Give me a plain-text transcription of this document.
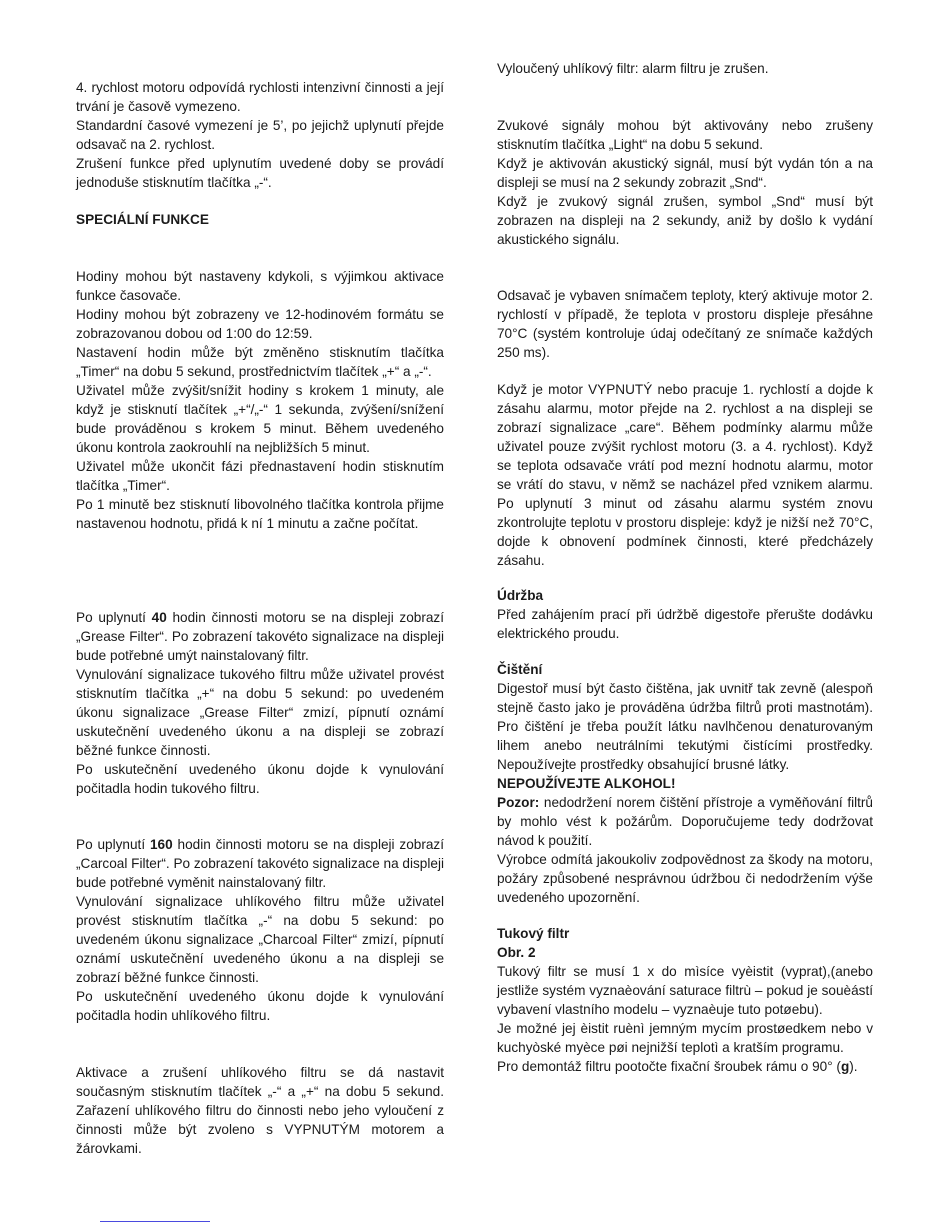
4. rychlost motoru odpovídá rychlosti intenzivní činnosti a její trvání je časově vymezeno.

Standardní časové vymezení je 5’, po jejichž uplynutí přejde odsavač na 2. rychlost.

Zrušení funkce před uplynutím uvedené doby se provádí jednoduše stisknutím tlačítka „-“.

SPECIÁLNÍ FUNKCE

Hodiny mohou být nastaveny kdykoli, s výjimkou aktivace funkce časovače.

Hodiny mohou být zobrazeny ve 12-hodinovém formátu se zobrazovanou dobou od 1:00 do 12:59.

Nastavení hodin může být změněno stisknutím tlačítka „Timer“ na dobu 5 sekund, prostřednictvím tlačítek „+“ a „-“.

Uživatel může zvýšit/snížit hodiny s krokem 1 minuty, ale když je stisknutí tlačítek „+“/„-“ 1 sekunda, zvýšení/snížení bude prováděnou s krokem 5 minut. Během uvedeného úkonu kontrola zaokrouhlí na nejbližších 5 minut.

Uživatel může ukončit fázi přednastavení hodin stisknutím tlačítka „Timer“.

Po 1 minutě bez stisknutí libovolného tlačítka kontrola přijme nastavenou hodnotu, přidá k ní 1 minutu a začne počítat.

Po uplynutí 40 hodin činnosti motoru se na displeji zobrazí „Grease Filter“. Po zobrazení takovéto signalizace na displeji bude potřebné umýt nainstalovaný filtr.

Vynulování signalizace tukového filtru může uživatel provést stisknutím tlačítka „+“ na dobu 5 sekund: po uvedeném úkonu signalizace „Grease Filter“ zmizí, pípnutí oznámí uskutečnění uvedeného úkonu a na displeji se zobrazí běžné funkce činnosti.

Po uskutečnění uvedeného úkonu dojde k vynulování počitadla hodin tukového filtru.

Po uplynutí 160 hodin činnosti motoru se na displeji zobrazí „Carcoal Filter“. Po zobrazení takovéto signalizace na displeji bude potřebné vyměnit nainstalovaný filtr.

Vynulování signalizace uhlíkového filtru může uživatel provést stisknutím tlačítka „-“ na dobu 5 sekund: po uvedeném úkonu signalizace „Charcoal Filter“ zmizí, pípnutí oznámí uskutečnění uvedeného úkonu a na displeji se zobrazí běžné funkce činnosti.

Po uskutečnění uvedeného úkonu dojde k vynulování počitadla hodin uhlíkového filtru.

Aktivace a zrušení uhlíkového filtru se dá nastavit současným stisknutím tlačítek „-“ a „+“ na dobu 5 sekund. Zařazení uhlíkového filtru do činnosti nebo jeho vyloučení z činnosti může být zvoleno s VYPNUTÝM motorem a žárovkami.

Vyloučený uhlíkový filtr: alarm filtru je zrušen.

Zvukové signály mohou být aktivovány nebo zrušeny stisknutím tlačítka „Light“ na dobu 5 sekund.

Když je aktivován akustický signál, musí být vydán tón a na displeji se musí na 2 sekundy zobrazit „Snd“.

Když je zvukový signál zrušen, symbol „Snd“ musí být zobrazen na displeji na 2 sekundy, aniž by došlo k vydání akustického signálu.

Odsavač je vybaven snímačem teploty, který aktivuje motor 2. rychlostí v případě, že teplota v prostoru displeje přesáhne 70°C (systém kontroluje údaj odečítaný ze snímače každých 250 ms).

Když je motor VYPNUTÝ nebo pracuje 1. rychlostí a dojde k zásahu alarmu, motor přejde na 2. rychlost a na displeji se zobrazí signalizace „care“. Během podmínky alarmu může uživatel pouze zvýšit rychlost motoru (3. a 4. rychlost). Když se teplota odsavače vrátí pod mezní hodnotu alarmu, motor se vrátí do stavu, v němž se nacházel před vznikem alarmu. Po uplynutí 3 minut od zásahu alarmu systém znovu zkontrolujte teplotu v prostoru displeje: když je nižší než 70°C, dojde k obnovení podmínek činnosti, které předcházely zásahu.

Údržba

Před zahájením prací při údržbě digestoře přerušte dodávku elektrického proudu.

Čištění

Digestoř musí být často čištěna, jak uvnitř tak zevně (alespoň stejně často jako je prováděna údržba filtrů proti mastnotám). Pro čištění je třeba použít látku navlhčenou denaturovaným lihem anebo neutrálními tekutými čistícími prostředky. Nepoužívejte prostředky obsahující brusné látky.

NEPOUŽÍVEJTE ALKOHOL!

Pozor: nedodržení norem čištění přístroje a vyměňování filtrů by mohlo vést k požárům. Doporučujeme tedy dodržovat návod k použití.

Výrobce odmítá jakoukoliv zodpovědnost za škody na motoru, požáry způsobené nesprávnou údržbou či nedodržením výše uvedeného upozornění.

Tukový filtr

Obr. 2

Tukový filtr se musí 1 x do mìsíce vyèistit (vyprat),(anebo jestliže systém vyznaèování saturace filtrù – pokud je souèástí vybavení vlastního modelu – vyznaèuje tuto potøebu).

Je možné jej èistit ruènì jemným mycím prostøedkem nebo v kuchyòské myèce pøi nejnižší teplotì a kratším programu.

Pro demontáž filtru pootočte fixační šroubek rámu o 90° (g).
